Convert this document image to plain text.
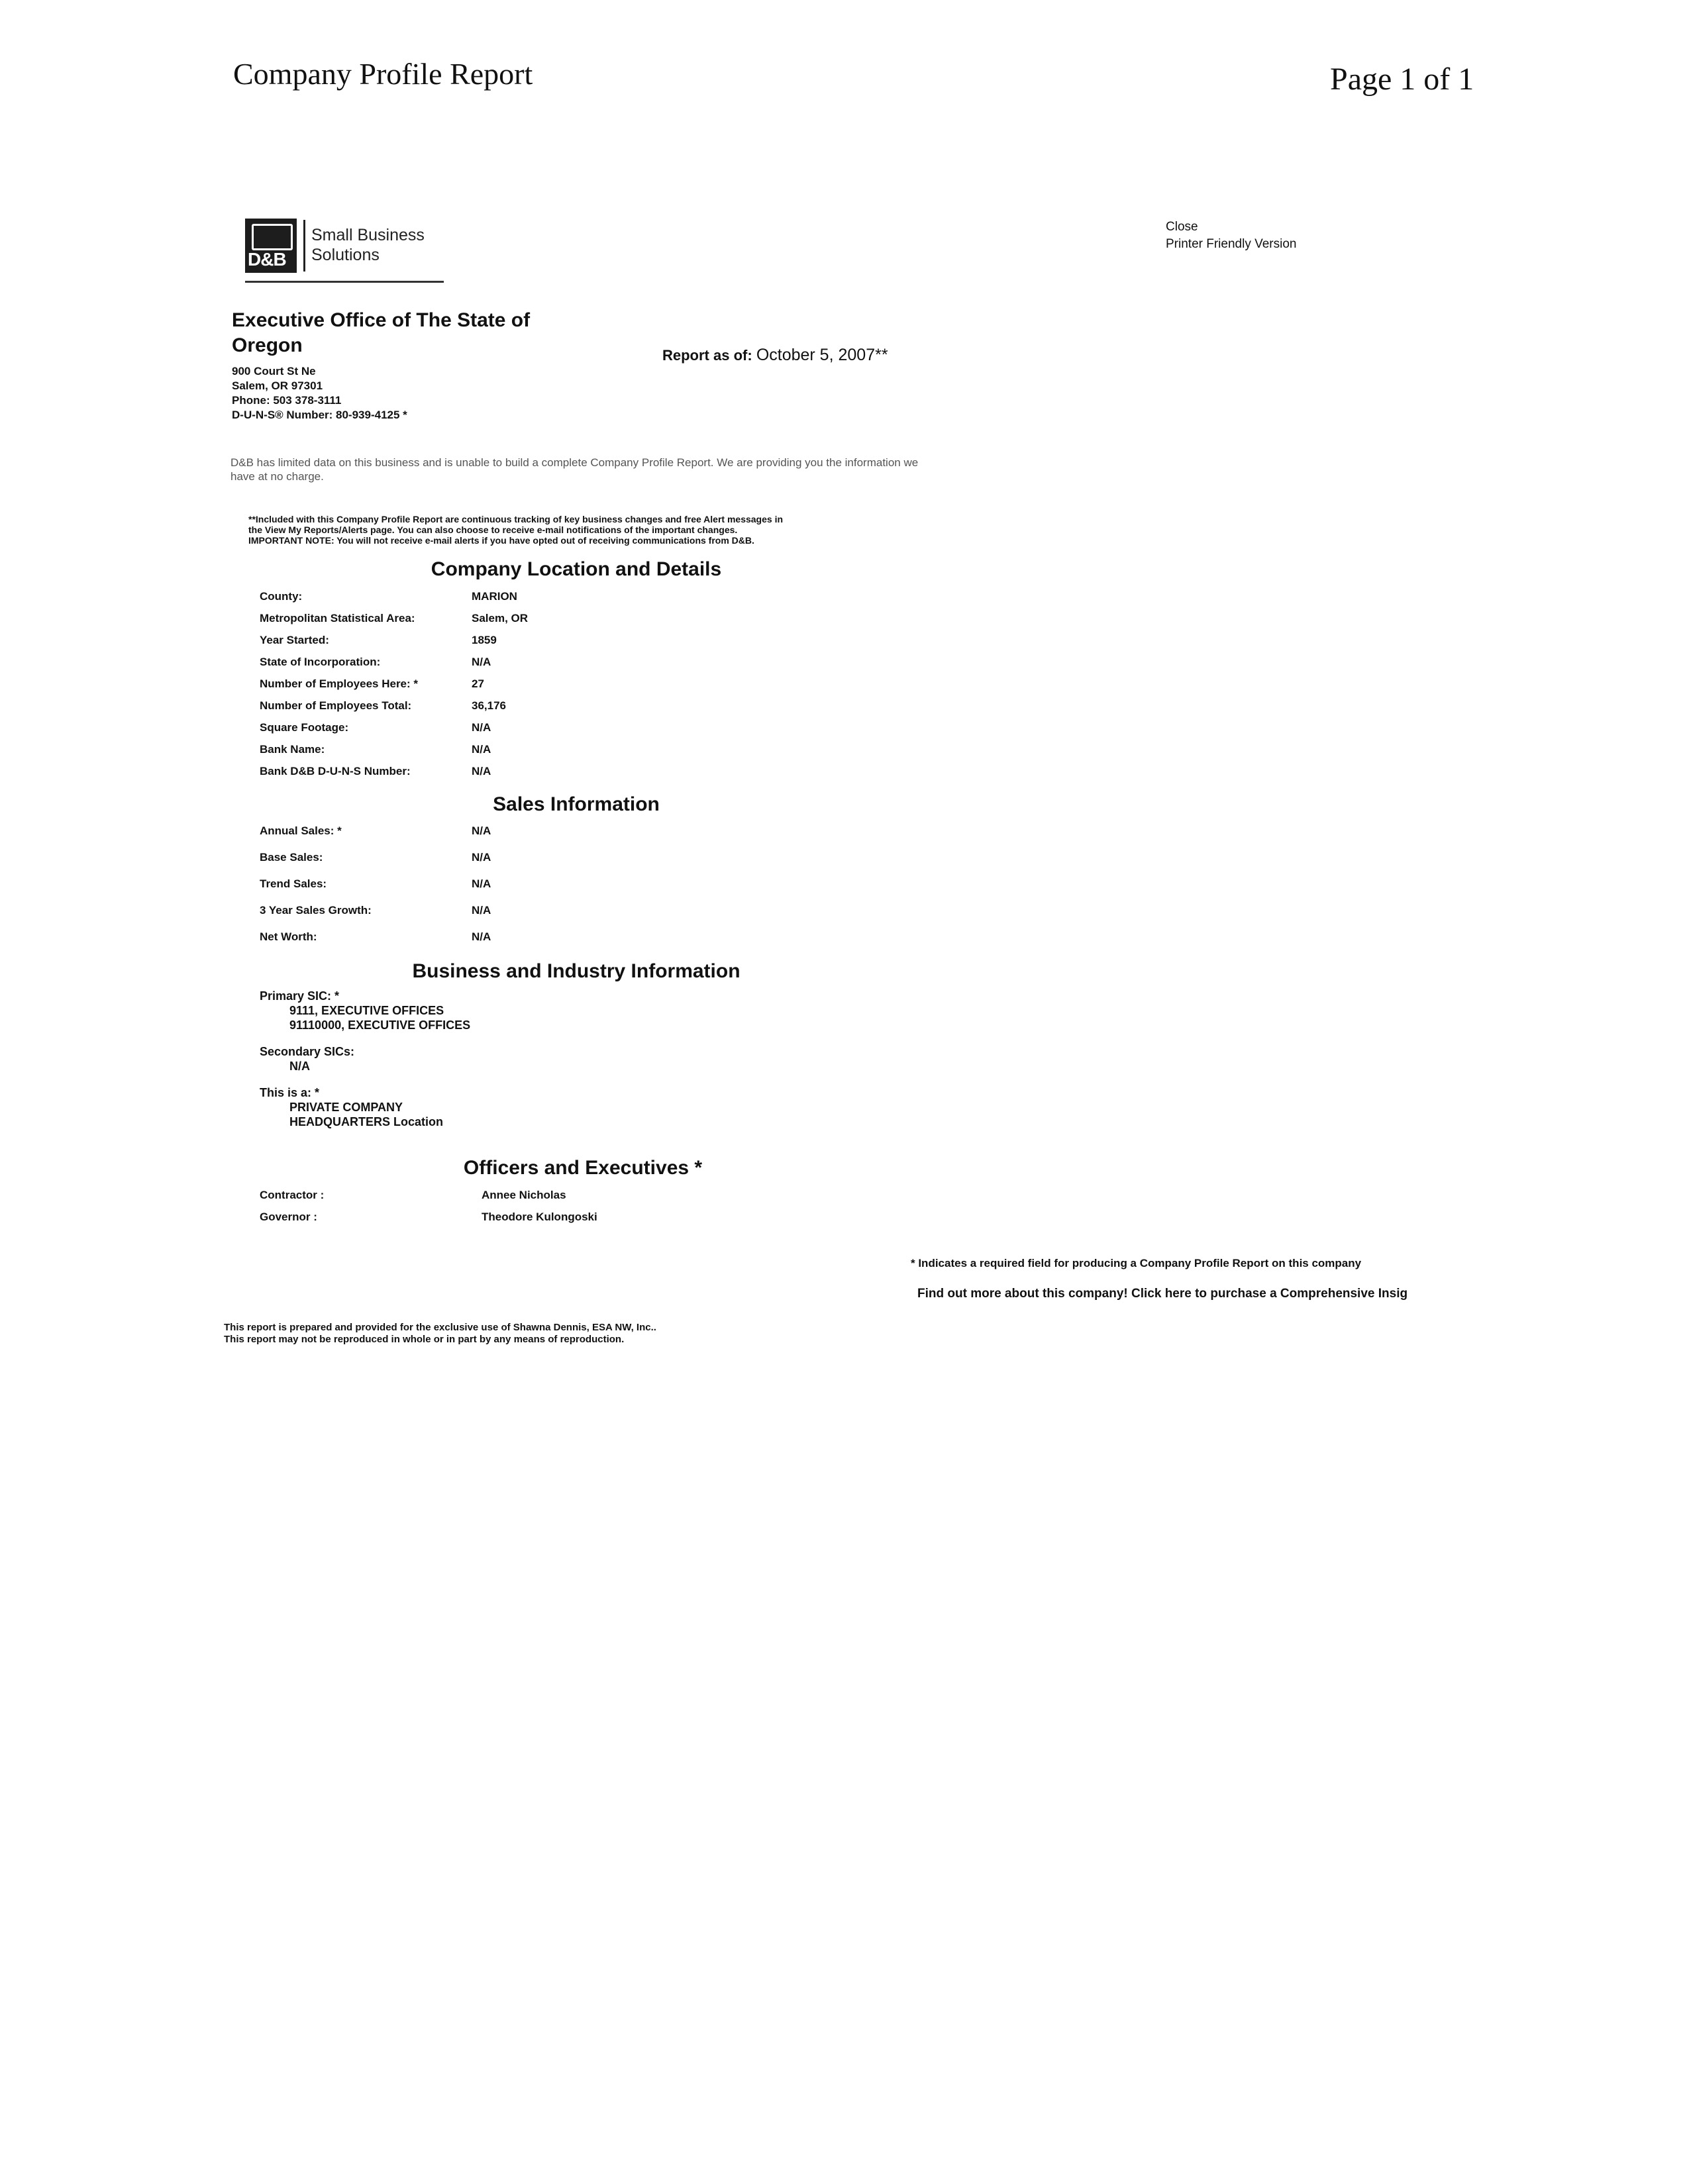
Company Profile Report	Page 1 of 1
D&B
Small Business
Solutions
Close
Printer Friendly Version
Executive Office of The State of
Oregon	Report as of: October 5, 2007**
900 Court St Ne
Salem, OR 97301
Phone: 503 378-3111
D-U-N-S® Number: 80-939-4125 *
D&B has limited data on this business and is unable to build a complete Company Profile Report. We are providing you the information we have at no charge.
**Included with this Company Profile Report are continuous tracking of key business changes and free Alert messages in
the View My Reports/Alerts page. You can also choose to receive e-mail notifications of the important changes.
IMPORTANT NOTE: You will not receive e-mail alerts if you have opted out of receiving communications from D&B.
Company Location and Details
County:	MARION
Metropolitan Statistical Area:	Salem, OR
Year Started:	1859
State of Incorporation:	N/A
Number of Employees Here: *	27
Number of Employees Total:	36,176
Square Footage:	N/A
Bank Name:	N/A
Bank D&B D-U-N-S Number:	N/A
Sales Information
Annual Sales: *	N/A
Base Sales:	N/A
Trend Sales:	N/A
3 Year Sales Growth:	N/A
Net Worth:	N/A
Business and Industry Information
Primary SIC: *
9111, EXECUTIVE OFFICES
91110000, EXECUTIVE OFFICES
Secondary SICs:
N/A
This is a: *
PRIVATE COMPANY
HEADQUARTERS Location
Officers and Executives *
Contractor :	Annee Nicholas
Governor :	Theodore Kulongoski
* Indicates a required field for producing a Company Profile Report on this company
Find out more about this company! Click here to purchase a Comprehensive Insig
This report is prepared and provided for the exclusive use of Shawna Dennis, ESA NW, Inc..
This report may not be reproduced in whole or in part by any means of reproduction.
